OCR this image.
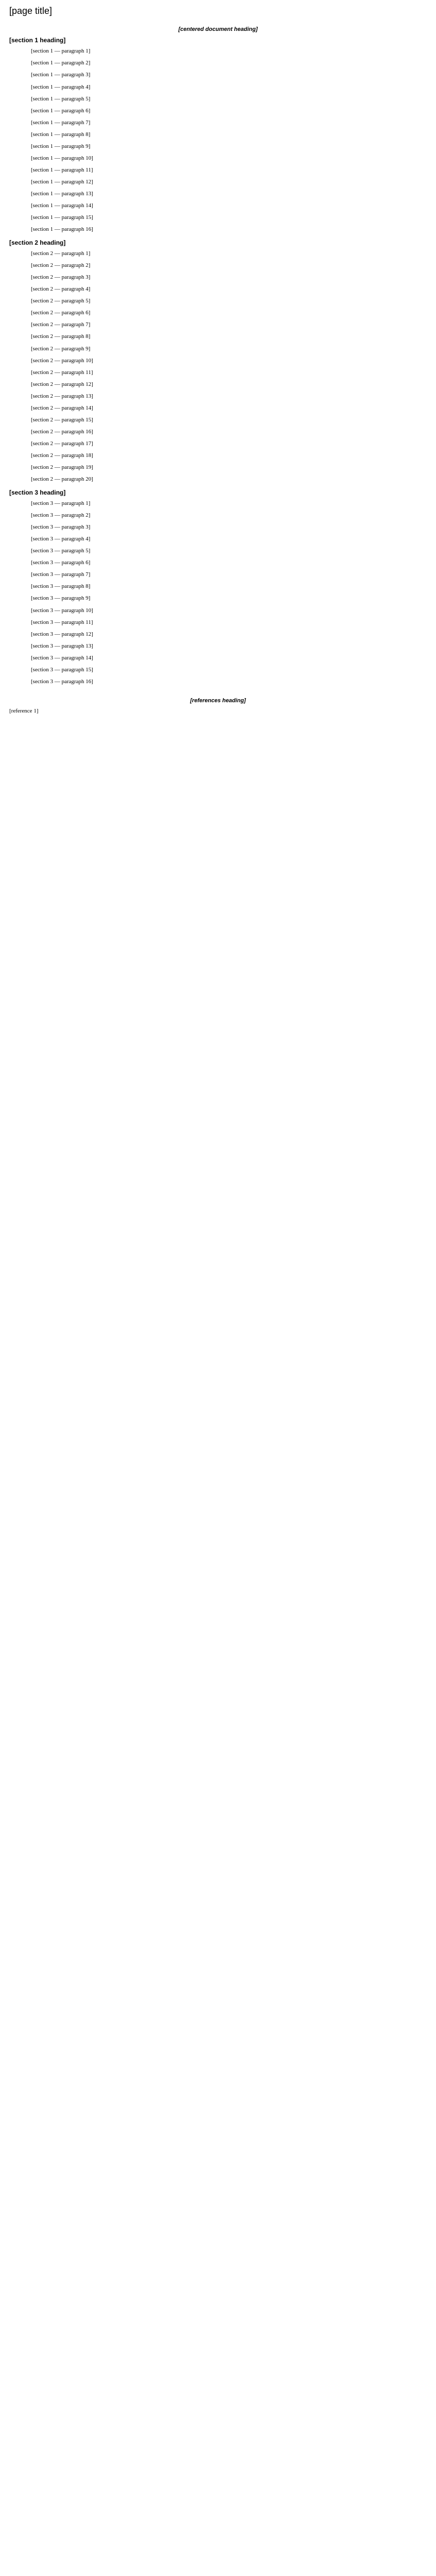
[page title]
[centered document heading]
[section 1 heading]

[section 1 — paragraph 1]

[section 1 — paragraph 2]

[section 1 — paragraph 3]

[section 1 — paragraph 4]

[section 1 — paragraph 5]

[section 1 — paragraph 6]

[section 1 — paragraph 7]

[section 1 — paragraph 8]

[section 1 — paragraph 9]

[section 1 — paragraph 10]

[section 1 — paragraph 11]

[section 1 — paragraph 12]

[section 1 — paragraph 13]

[section 1 — paragraph 14]

[section 1 — paragraph 15]

[section 1 — paragraph 16]

[section 2 heading]

[section 2 — paragraph 1]

[section 2 — paragraph 2]

[section 2 — paragraph 3]

[section 2 — paragraph 4]

[section 2 — paragraph 5]

[section 2 — paragraph 6]

[section 2 — paragraph 7]

[section 2 — paragraph 8]

[section 2 — paragraph 9]

[section 2 — paragraph 10]

[section 2 — paragraph 11]

[section 2 — paragraph 12]

[section 2 — paragraph 13]

[section 2 — paragraph 14]

[section 2 — paragraph 15]

[section 2 — paragraph 16]

[section 2 — paragraph 17]

[section 2 — paragraph 18]

[section 2 — paragraph 19]

[section 2 — paragraph 20]

[section 3 heading]

[section 3 — paragraph 1]

[section 3 — paragraph 2]

[section 3 — paragraph 3]

[section 3 — paragraph 4]

[section 3 — paragraph 5]

[section 3 — paragraph 6]

[section 3 — paragraph 7]

[section 3 — paragraph 8]

[section 3 — paragraph 9]

[section 3 — paragraph 10]

[section 3 — paragraph 11]

[section 3 — paragraph 12]

[section 3 — paragraph 13]

[section 3 — paragraph 14]

[section 3 — paragraph 15]

[section 3 — paragraph 16]

[references heading]
[reference 1]
